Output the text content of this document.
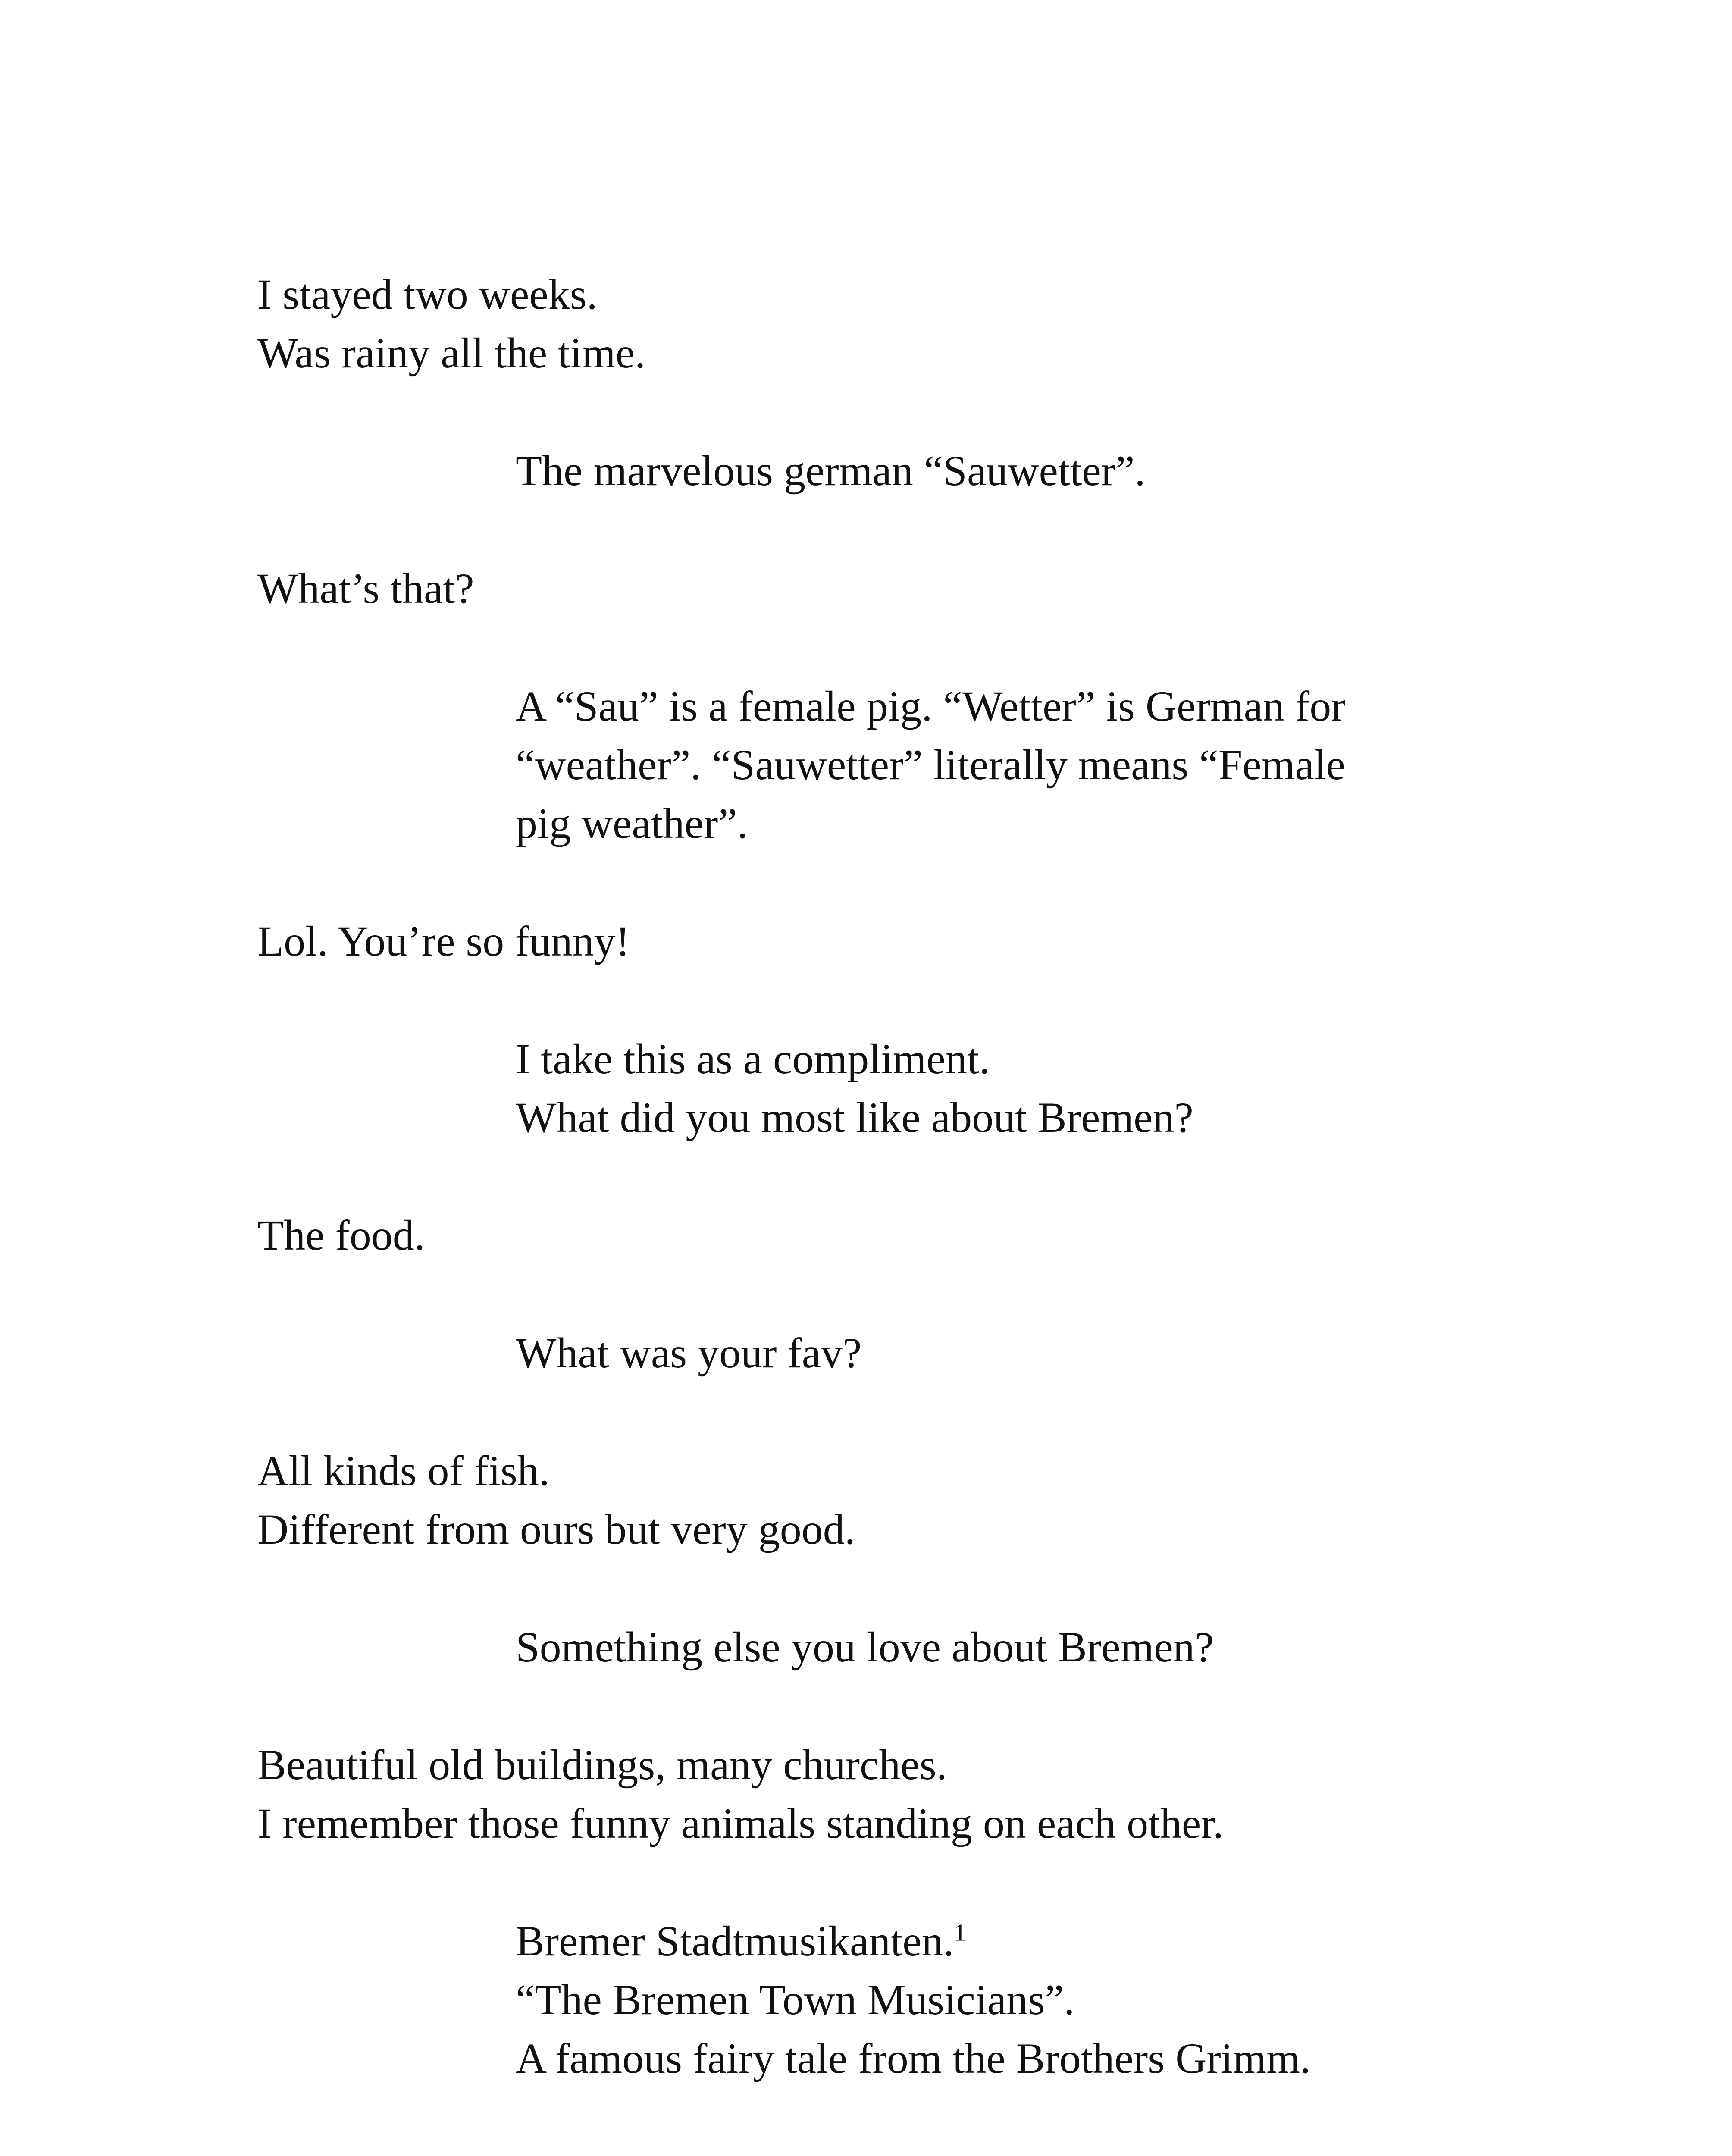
I stayed two weeks.
Was rainy all the time.
The marvelous german “Sauwetter”.
What’s that?
A “Sau” is a female pig. “Wetter” is German for
“weather”. “Sauwetter” literally means “Female
pig weather”.
Lol. You’re so funny!
I take this as a compliment.
What did you most like about Bremen?
The food.
What was your fav?
All kinds of fish.
Different from ours but very good.
Something else you love about Bremen?
Beautiful old buildings, many churches.
I remember those funny animals standing on each other.
Bremer Stadtmusikanten.$^1$
“The Bremen Town Musicians”.
A famous fairy tale from the Brothers Grimm.
